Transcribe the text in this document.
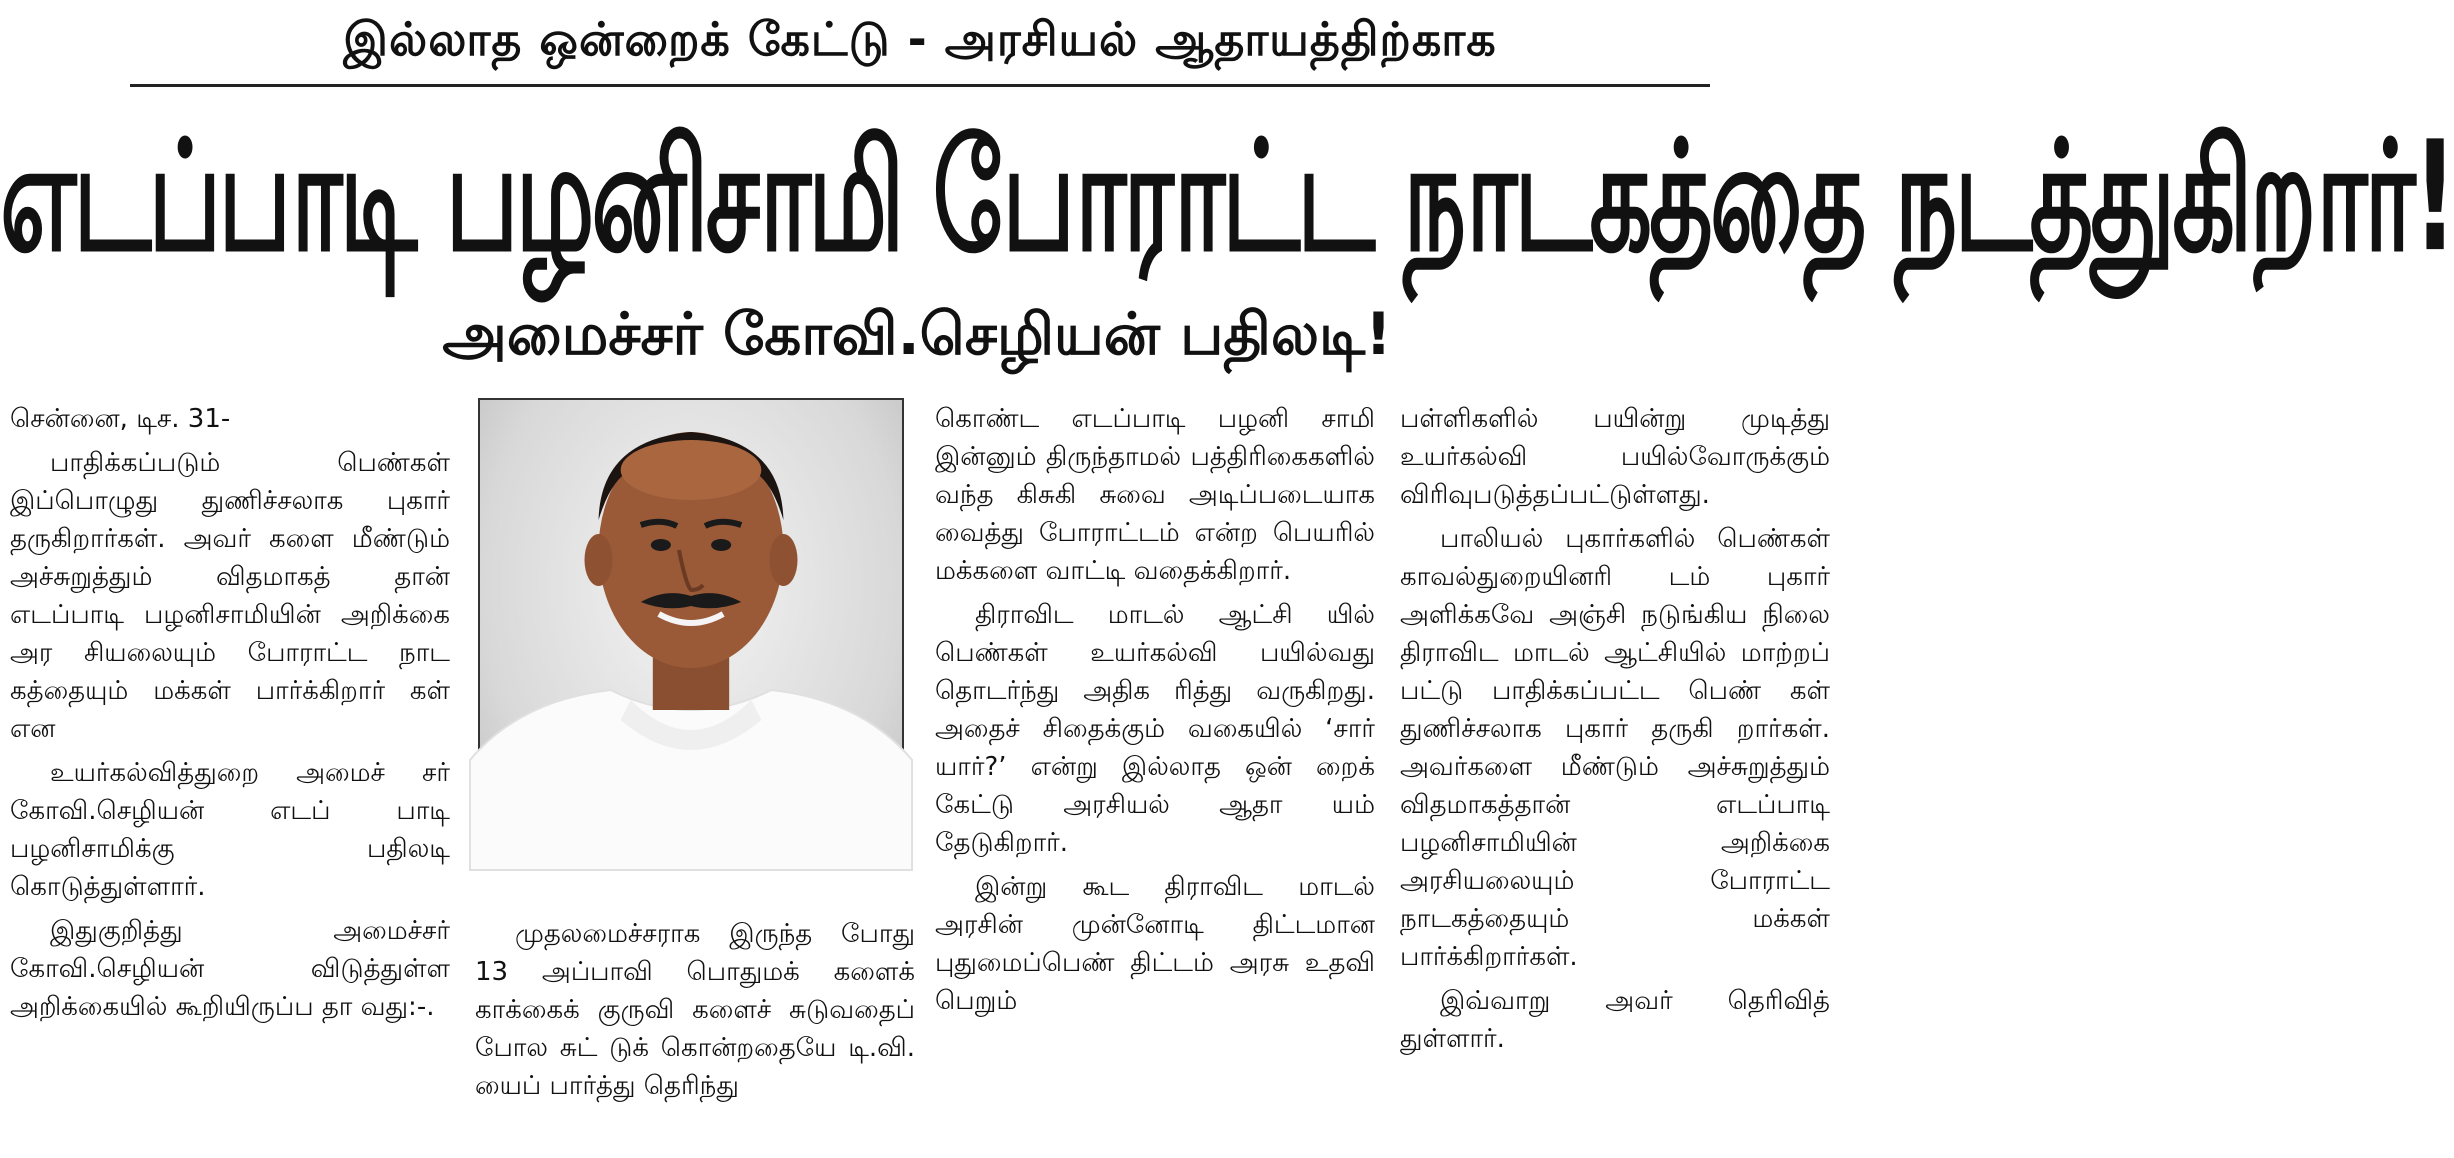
இல்லாத ஒன்றைக் கேட்டு - அரசியல் ஆதாயத்திற்காக
எடப்பாடி பழனிசாமி போராட்ட நாடகத்தை நடத்துகிறார்!
அமைச்சர் கோவி.செழியன் பதிலடி!

சென்னை, டிச. 31-

பாதிக்கப்படும் பெண்கள் இப்பொழுது துணிச்சலாக புகார் தருகிறார்கள். அவர் களை மீண்டும் அச்சுறுத்தும் விதமாகத் தான் எடப்பாடி பழனிசாமியின் அறிக்கை அர சியலையும் போராட்ட நாட கத்தையும் மக்கள் பார்க்கிறார் கள் என

உயர்கல்வித்துறை அமைச் சர் கோவி.செழியன் எடப் பாடி பழனிசாமிக்கு பதிலடி கொடுத்துள்ளார்.

இதுகுறித்து அமைச்சர் கோவி.செழியன் விடுத்துள்ள அறிக்கையில் கூறியிருப்ப தா வது:-.

முதலமைச்சராக இருந்த போது 13 அப்பாவி பொதுமக் களைக் காக்கைக் குருவி களைச் சுடுவதைப் போல சுட் டுக் கொன்றதையே டி.வி. யைப் பார்த்து தெரிந்து

கொண்ட எடப்பாடி பழனி சாமி இன்னும் திருந்தாமல் பத்திரிகைகளில் வந்த கிசுகி சுவை அடிப்படையாக வைத்து போராட்டம் என்ற பெயரில் மக்களை வாட்டி வதைக்கிறார்.

திராவிட மாடல் ஆட்சி யில் பெண்கள் உயர்கல்வி பயில்வது தொடர்ந்து அதிக ரித்து வருகிறது. அதைச் சிதைக்கும் வகையில் ‘சார் யார்?’ என்று இல்லாத ஒன் றைக் கேட்டு அரசியல் ஆதா யம் தேடுகிறார்.

இன்று கூட திராவிட மாடல் அரசின் முன்னோடி திட்டமான புதுமைப்பெண் திட்டம் அரசு உதவி பெறும்

பள்ளிகளில் பயின்று முடித்து உயர்கல்வி பயில்வோருக்கும் விரிவுபடுத்தப்பட்டுள்ளது.

பாலியல் புகார்களில் பெண்கள் காவல்துறையினரி டம் புகார் அளிக்கவே அஞ்சி நடுங்கிய நிலை திராவிட மாடல் ஆட்சியில் மாற்றப் பட்டு பாதிக்கப்பட்ட பெண் கள் துணிச்சலாக புகார் தருகி றார்கள். அவர்களை மீண்டும் அச்சுறுத்தும் விதமாகத்தான் எடப்பாடி பழனிசாமியின் அறிக்கை அரசியலையும் போராட்ட நாடகத்தையும் மக்கள் பார்க்கிறார்கள்.

இவ்வாறு அவர் தெரிவித் துள்ளார்.
